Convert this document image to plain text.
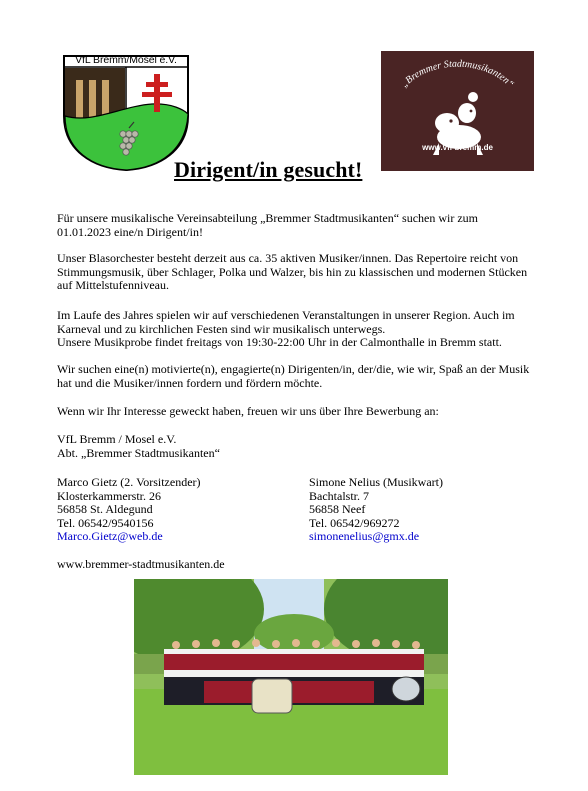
VfL Bremm/Mosel e.V.
„Bremmer Stadtmusikanten“
www.vfl-bremm.de
Dirigent/in gesucht!
Für unsere musikalische Vereinsabteilung „Bremmer Stadtmusikanten“ suchen wir zum
01.01.2023 eine/n Dirigent/in!
Unser Blasorchester besteht derzeit aus ca. 35 aktiven Musiker/innen. Das Repertoire reicht von
Stimmungsmusik, über Schlager, Polka und Walzer, bis hin zu klassischen und modernen Stücken
auf Mittelstufenniveau.
Im Laufe des Jahres spielen wir auf verschiedenen Veranstaltungen in unserer Region. Auch im
Karneval und zu kirchlichen Festen sind wir musikalisch unterwegs.
Unsere Musikprobe findet freitags von 19:30-22:00 Uhr in der Calmonthalle in Bremm statt.
Wir suchen eine(n) motivierte(n), engagierte(n) Dirigenten/in, der/die, wie wir, Spaß an der Musik
hat und die Musiker/innen fordern und fördern möchte.
Wenn wir Ihr Interesse geweckt haben, freuen wir uns über Ihre Bewerbung an:
VfL Bremm / Mosel e.V.
Abt. „Bremmer Stadtmusikanten“
Marco Gietz (2. Vorsitzender)
Klosterkammerstr. 26
56858 St. Aldegund
Tel. 06542/9540156
Marco.Gietz@web.de
Simone Nelius (Musikwart)
Bachtalstr. 7
56858 Neef
Tel. 06542/969272
simonenelius@gmx.de
www.bremmer-stadtmusikanten.de
